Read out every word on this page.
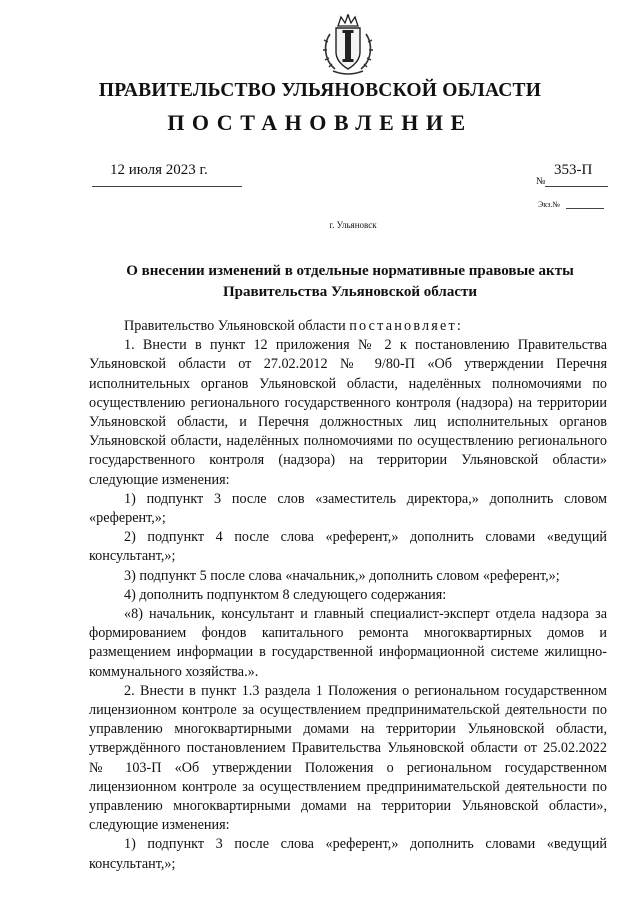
ПРАВИТЕЛЬСТВО УЛЬЯНОВСКОЙ ОБЛАСТИ
ПОСТАНОВЛЕНИЕ
12 июля 2023 г.
№
353-П
Экз.№
г. Ульяновск
О внесении изменений в отдельные нормативные правовые акты
Правительства Ульяновской области

Правительство Ульяновской области постановляет:

1. Внести в пункт 12 приложения № 2 к постановлению Правительства Ульяновской области от 27.02.2012 № 9/80-П «Об утверждении Перечня исполнительных органов Ульяновской области, наделённых полномочиями по осуществлению регионального государственного контроля (надзора) на территории Ульяновской области, и Перечня должностных лиц исполнительных органов Ульяновской области, наделённых полномочиями по осуществлению регионального государственного контроля (надзора) на территории Ульяновской области» следующие изменения:

1) подпункт 3 после слов «заместитель директора,» дополнить словом «референт,»;

2) подпункт 4 после слова «референт,» дополнить словами «ведущий консультант,»;

3) подпункт 5 после слова «начальник,» дополнить словом «референт,»;

4) дополнить подпунктом 8 следующего содержания:

«8) начальник, консультант и главный специалист-эксперт отдела надзора за формированием фондов капитального ремонта многоквартирных домов и размещением информации в государственной информационной системе жилищно-коммунального хозяйства.».

2. Внести в пункт 1.3 раздела 1 Положения о региональном государственном лицензионном контроле за осуществлением предпринимательской деятельности по управлению многоквартирными домами на территории Ульяновской области, утверждённого постановлением Правительства Ульяновской области от 25.02.2022 № 103-П «Об утверждении Положения о региональном государственном лицензионном контроле за осуществлением предпринимательской деятельности по управлению многоквартирными домами на территории Ульяновской области», следующие изменения:

1) подпункт 3 после слова «референт,» дополнить словами «ведущий консультант,»;
